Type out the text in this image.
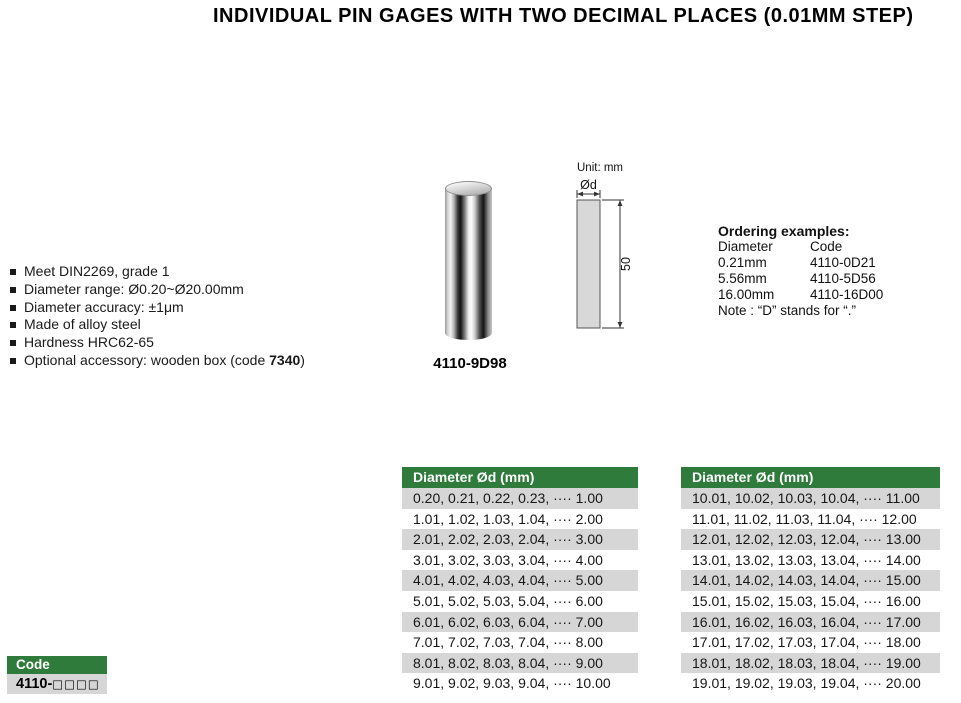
INDIVIDUAL PIN GAGES WITH TWO DECIMAL PLACES (0.01MM STEP)
Meet DIN2269, grade 1
Diameter range: Ø0.20~Ø20.00mm
Diameter accuracy: ±1μm
Made of alloy steel
Hardness HRC62-65
Optional accessory: wooden box (code 7340)	4110-9D98
Unit: mm
Ød
50
Ordering examples:
Diameter	Code
0.21mm	4110-0D21
5.56mm	4110-5D56
16.00mm	4110-16D00
Note : “D” stands for “.”
Diameter Ød (mm)
0.20, 0.21, 0.22, 0.23, ···· 1.00
1.01, 1.02, 1.03, 1.04, ···· 2.00
2.01, 2.02, 2.03, 2.04, ···· 3.00
3.01, 3.02, 3.03, 3.04, ···· 4.00
4.01, 4.02, 4.03, 4.04, ···· 5.00
5.01, 5.02, 5.03, 5.04, ···· 6.00
6.01, 6.02, 6.03, 6.04, ···· 7.00
7.01, 7.02, 7.03, 7.04, ···· 8.00
8.01, 8.02, 8.03, 8.04, ···· 9.00
9.01, 9.02, 9.03, 9.04, ···· 10.00
Diameter Ød (mm)
10.01, 10.02, 10.03, 10.04, ···· 11.00
11.01, 11.02, 11.03, 11.04, ···· 12.00
12.01, 12.02, 12.03, 12.04, ···· 13.00
13.01, 13.02, 13.03, 13.04, ···· 14.00
14.01, 14.02, 14.03, 14.04, ···· 15.00
15.01, 15.02, 15.03, 15.04, ···· 16.00
16.01, 16.02, 16.03, 16.04, ···· 17.00
17.01, 17.02, 17.03, 17.04, ···· 18.00
18.01, 18.02, 18.03, 18.04, ···· 19.00
19.01, 19.02, 19.03, 19.04, ···· 20.00
Code
4110-□□□□
